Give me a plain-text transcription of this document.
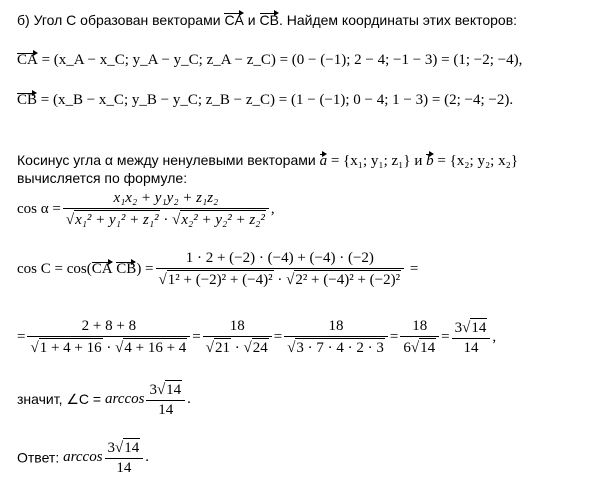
б) Угол C образован векторами CA и CB. Найдем координаты этих векторов:
CA = (x_A − x_C; y_A − y_C; z_A − z_C) = (0 − (−1); 2 − 4; −1 − 3) = (1; −2; −4),
CB = (x_B − x_C; y_B − y_C; z_B − z_C) = (1 − (−1); 0 − 4; 1 − 3) = (2; −4; −2).
Косинус угла α между ненулевыми векторами a = {x₁; y₁; z₁} и b = {x₂; y₂; x₂}
вычисляется по формуле:
$\cos \alpha = \frac{\text{x₁x₂ + y₁y₂ + z₁z₂}}{\text{√x₁² + y₁² + z₁² · √x₂² + y₂² + z₂²}}$ ,
cos C = cos(CA $CB) = \frac{1 \cdot 2 + (-2) \cdot (-4) + (-4) \cdot (-2)}{\text{√1² + (−2)² + (−4)² · √2² + (−4)² + (−2)²}}$ =
= $\frac{2 + 8 + 8}{√1 + 4 + 16 \cdot √4 + 16 + 4} = \frac{18}{√21 \cdot √24} = \frac{18}{√3 \cdot 7 \cdot 4 \cdot 2 \cdot 3} = \frac{18}{6√14} = \frac{3√14}{14}$ ,
значит, ∠C = $\arccos \frac{3√14}{14}$ .
Ответ: $\arccos \frac{3√14}{14}$ .
